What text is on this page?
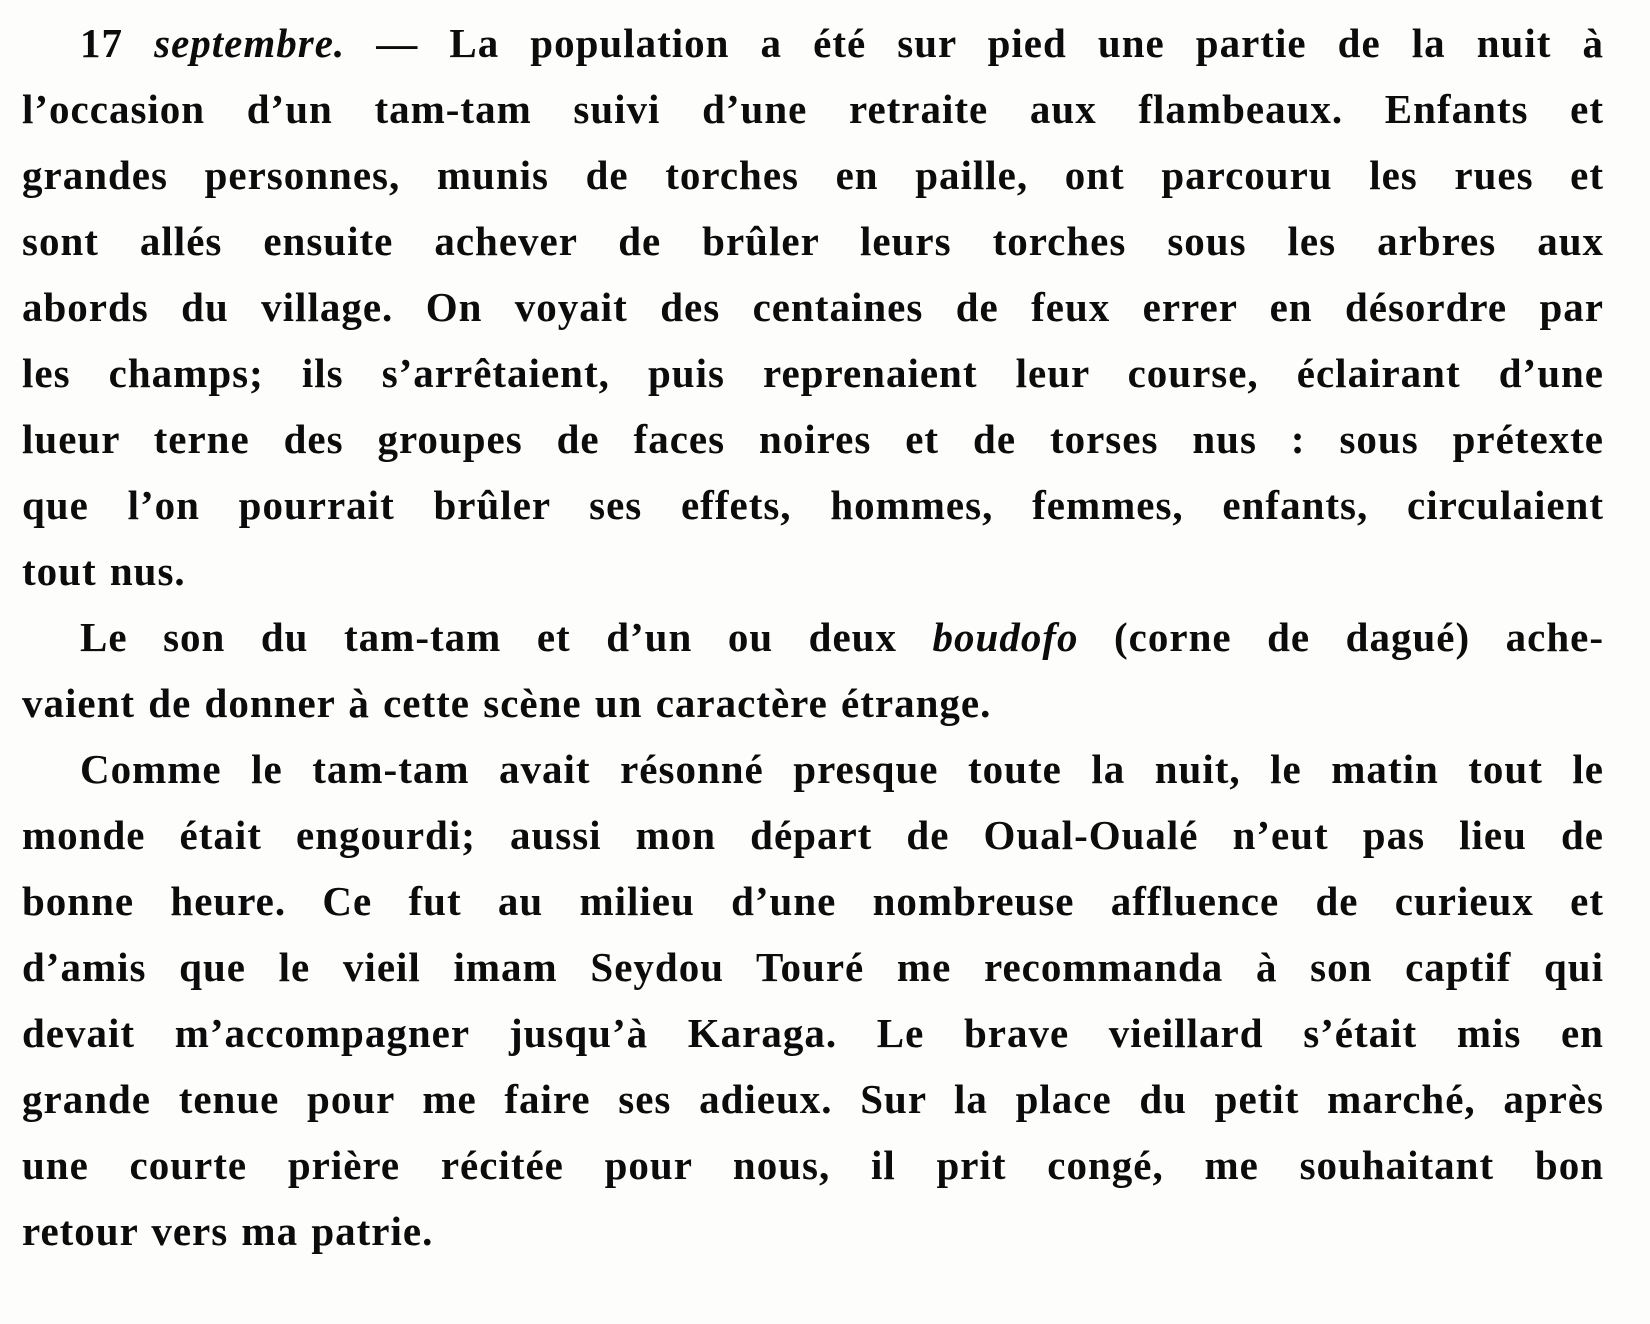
17 septembre. — La population a été sur pied une partie de la nuit à
l’occasion d’un tam-tam suivi d’une retraite aux flambeaux. Enfants et
grandes personnes, munis de torches en paille, ont parcouru les rues et
sont allés ensuite achever de brûler leurs torches sous les arbres aux
abords du village. On voyait des centaines de feux errer en désordre par
les champs; ils s’arrêtaient, puis reprenaient leur course, éclairant d’une
lueur terne des groupes de faces noires et de torses nus : sous prétexte
que l’on pourrait brûler ses effets, hommes, femmes, enfants, circulaient
tout nus.
Le son du tam-tam et d’un ou deux boudofo (corne de dagué) ache-
vaient de donner à cette scène un caractère étrange.
Comme le tam-tam avait résonné presque toute la nuit, le matin tout le
monde était engourdi; aussi mon départ de Oual-Oualé n’eut pas lieu de
bonne heure. Ce fut au milieu d’une nombreuse affluence de curieux et
d’amis que le vieil imam Seydou Touré me recommanda à son captif qui
devait m’accompagner jusqu’à Karaga. Le brave vieillard s’était mis en
grande tenue pour me faire ses adieux. Sur la place du petit marché, après
une courte prière récitée pour nous, il prit congé, me souhaitant bon
retour vers ma patrie.
